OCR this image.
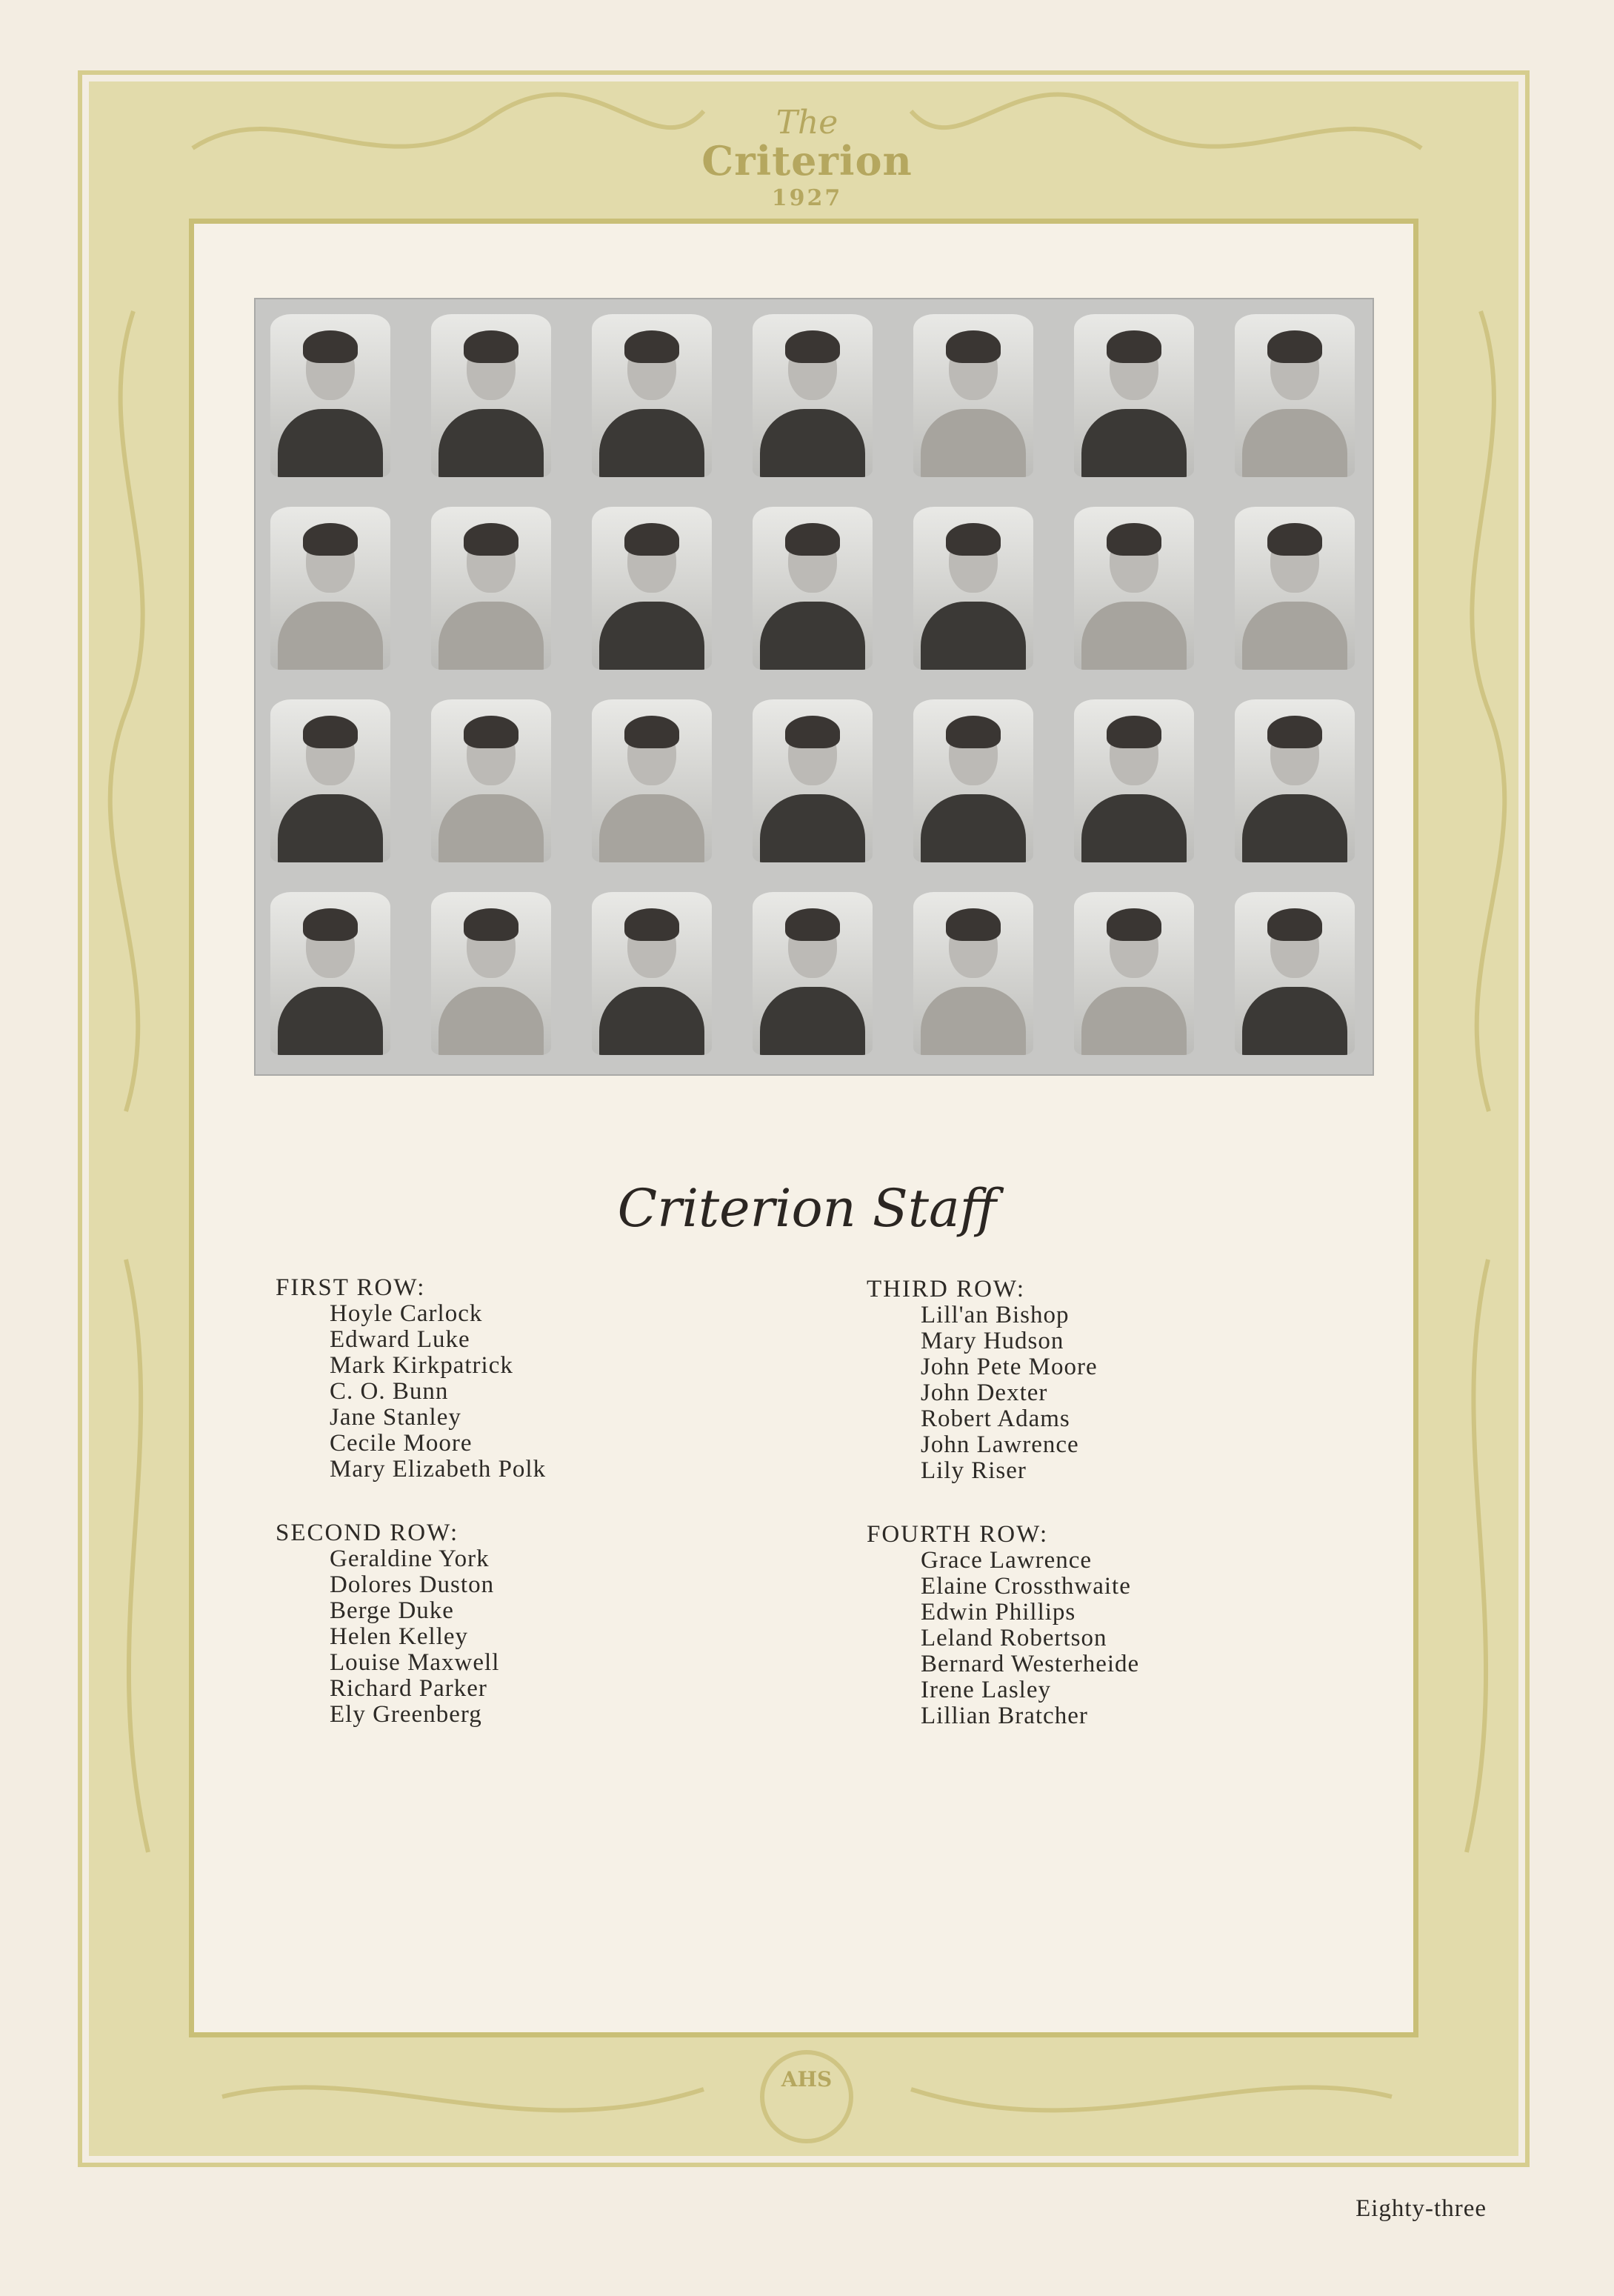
AHS
The
Criterion
1927
Criterion Staff
FIRST ROW:
Hoyle Carlock
Edward Luke
Mark Kirkpatrick
C. O. Bunn
Jane Stanley
Cecile Moore
Mary Elizabeth Polk
SECOND ROW:
Geraldine York
Dolores Duston
Berge Duke
Helen Kelley
Louise Maxwell
Richard Parker
Ely Greenberg
THIRD ROW:
Lill'an Bishop
Mary Hudson
John Pete Moore
John Dexter
Robert Adams
John Lawrence
Lily Riser
FOURTH ROW:
Grace Lawrence
Elaine Crossthwaite
Edwin Phillips
Leland Robertson
Bernard Westerheide
Irene Lasley
Lillian Bratcher
Eighty-three
